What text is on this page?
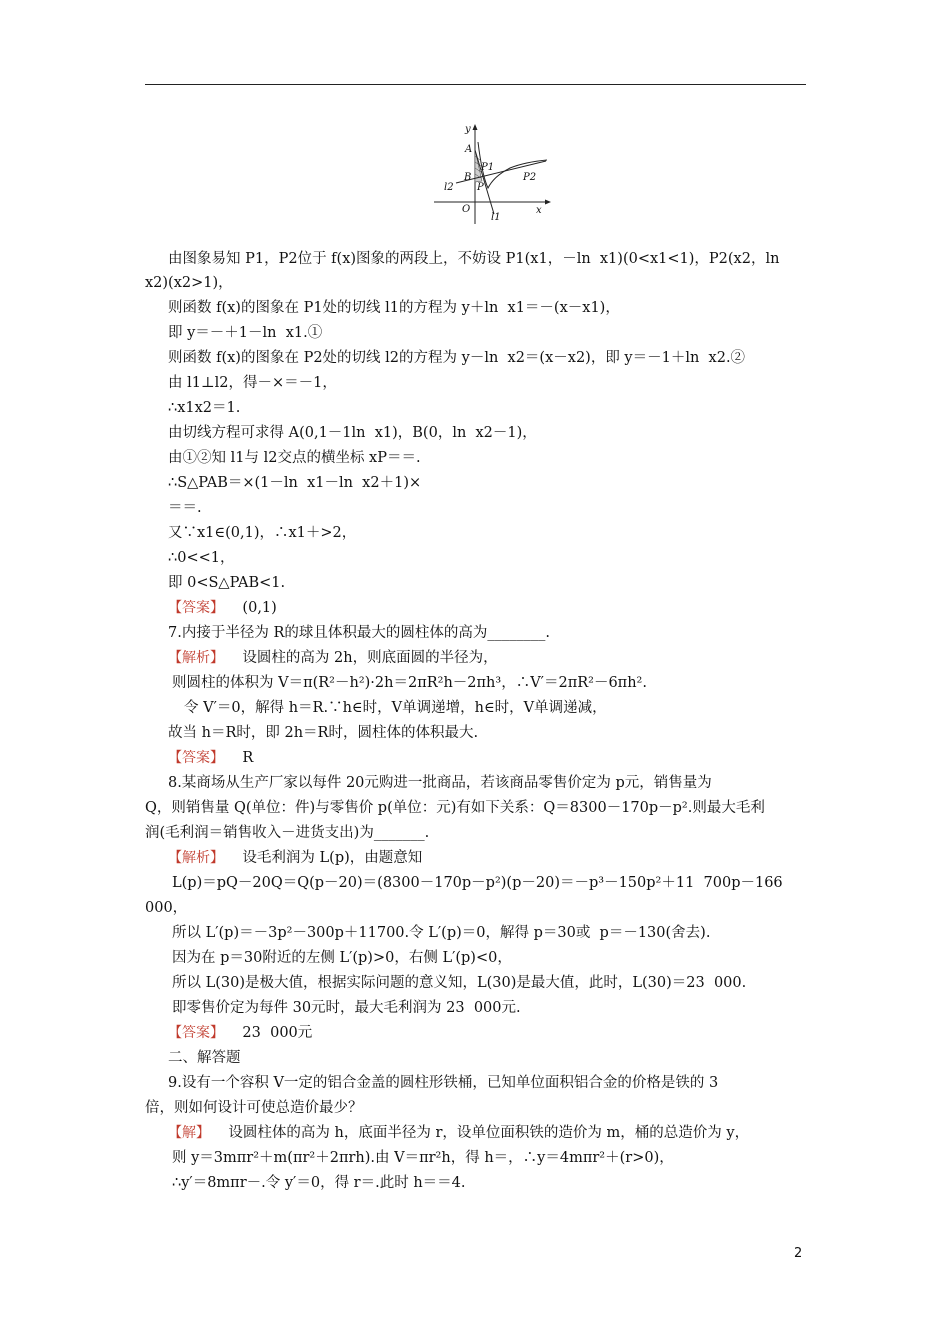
y
A
P1
B
l2 P
P2
O
l1
x
由图象易知 P1，P2位于 f(x)图象的两段上，不妨设 P1(x1，－ln  x1)(0<x1<1)，P2(x2，ln
x2)(x2>1)，
则函数 f(x)的图象在 P1处的切线 l1的方程为 y＋ln  x1＝－(x－x1)，
即 y＝－＋1－ln  x1.①
则函数 f(x)的图象在 P2处的切线 l2的方程为 y－ln  x2＝(x－x2)，即 y＝－1＋ln  x2.②
由 l1⊥l2，得－×＝－1，
∴x1x2＝1.
由切线方程可求得 A(0,1－1ln  x1)，B(0，ln  x2－1)，
由①②知 l1与 l2交点的横坐标 xP＝＝.
∴S△PAB＝×(1－ln  x1－ln  x2＋1)×
＝＝.
又∵x1∈(0,1)，∴x1＋>2，
∴0<<1，
即 0<S△PAB<1.
【答案】    (0,1)
7.内接于半径为 R的球且体积最大的圆柱体的高为________.
【解析】    设圆柱的高为 2h，则底面圆的半径为，
则圆柱的体积为 V＝π(R²－h²)·2h＝2πR²h－2πh³，∴V′＝2πR²－6πh².
令 V′＝0，解得 h＝R.∵h∈时，V单调递增，h∈时，V单调递减，
故当 h＝R时，即 2h＝R时，圆柱体的体积最大.
【答案】    R
8.某商场从生产厂家以每件 20元购进一批商品，若该商品零售价定为 p元，销售量为
Q，则销售量 Q(单位：件)与零售价 p(单位：元)有如下关系：Q＝8300－170p－p².则最大毛利
润(毛利润＝销售收入－进货支出)为_______.
【解析】    设毛利润为 L(p)，由题意知
L(p)＝pQ－20Q＝Q(p－20)＝(8300－170p－p²)(p－20)＝－p³－150p²＋11  700p－166
000，
所以 L′(p)＝－3p²－300p＋11700.令 L′(p)＝0，解得 p＝30或  p＝－130(舍去).
因为在 p＝30附近的左侧 L′(p)>0，右侧 L′(p)<0，
所以 L(30)是极大值，根据实际问题的意义知，L(30)是最大值，此时，L(30)＝23  000.
即零售价定为每件 30元时，最大毛利润为 23  000元.
【答案】    23  000元
二、解答题
9.设有一个容积 V一定的铝合金盖的圆柱形铁桶，已知单位面积铝合金的价格是铁的 3
倍，则如何设计可使总造价最少？
【解】    设圆柱体的高为 h，底面半径为 r，设单位面积铁的造价为 m，桶的总造价为 y，
则 y＝3mπr²＋m(πr²＋2πrh).由 V＝πr²h，得 h＝，∴y＝4mπr²＋(r>0)，
∴y′＝8mπr－.令 y′＝0，得 r＝.此时 h＝＝4.
2
